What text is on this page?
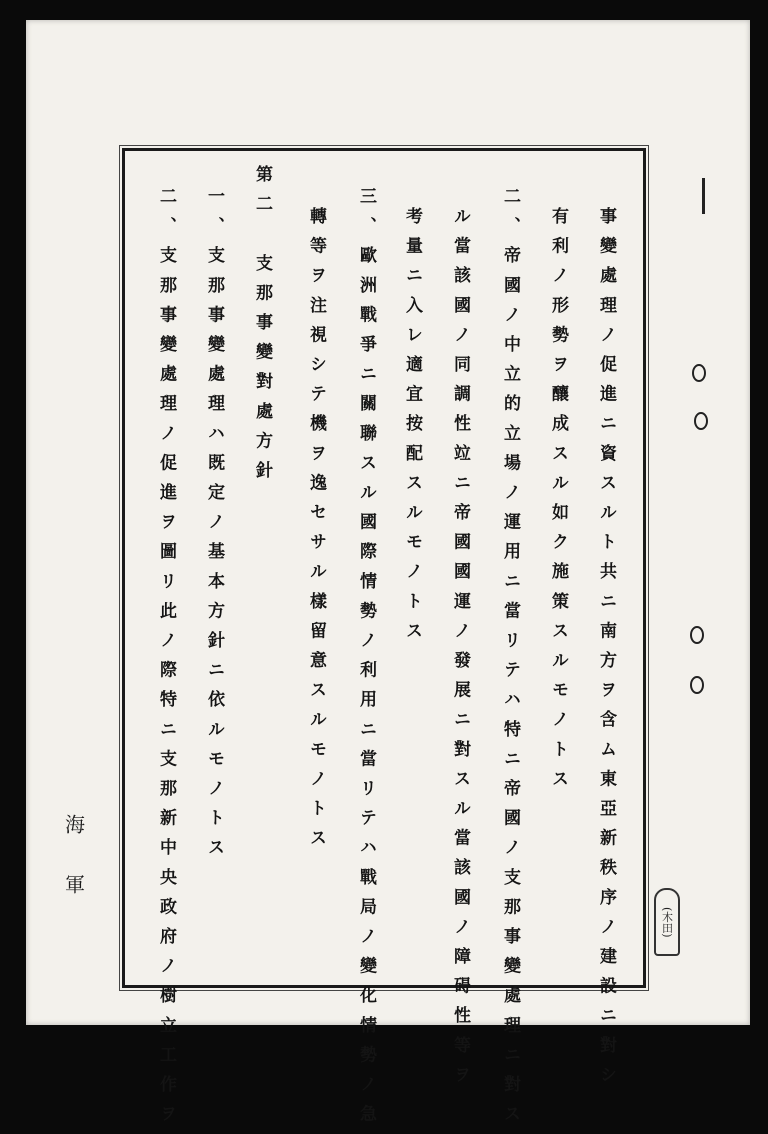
事變處理ノ促進ニ資スルト共ニ南方ヲ含ム東亞新秩序ノ建設ニ對シ
有利ノ形勢ヲ釀成スル如ク施策スルモノトス
二、帝國ノ中立的立場ノ運用ニ當リテハ特ニ帝國ノ支那事變處理ニ對ス
ル當該國ノ同調性竝ニ帝國國運ノ發展ニ對スル當該國ノ障碍性等ヲ
考量ニ入レ適宜按配スルモノトス
三、歐洲戰爭ニ關聯スル國際情勢ノ利用ニ當リテハ戰局ノ變化情勢ノ急
轉等ヲ注視シテ機ヲ逸セサル樣留意スルモノトス
第二　支那事變對處方針
一、支那事變處理ハ既定ノ基本方針ニ依ルモノトス
二、支那事變處理ノ促進ヲ圖リ此ノ際特ニ支那新中央政府ノ樹立工作ヲ
海軍	(木田)
